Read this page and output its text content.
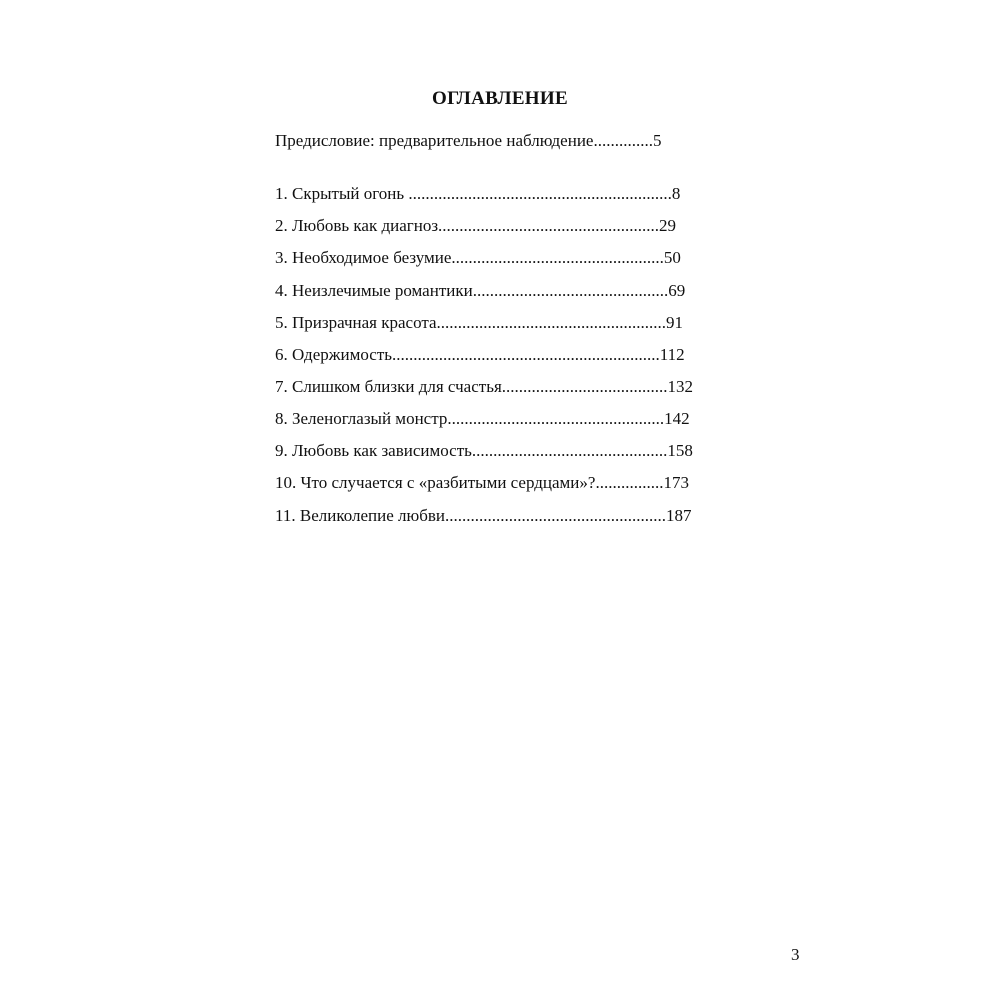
ОГЛАВЛЕНИЕ
Предисловие: предварительное наблюдение..............5
1. Скрытый огонь ..............................................................8
2. Любовь как диагноз....................................................29
3. Необходимое безумие..................................................50
4. Неизлечимые романтики..............................................69
5. Призрачная красота......................................................91
6. Одержимость...............................................................112
7. Слишком близки для счастья.......................................132
8. Зеленоглазый монстр...................................................142
9. Любовь как зависимость..............................................158
10. Что случается с «разбитыми сердцами»?................173
11. Великолепие любви....................................................187
3
